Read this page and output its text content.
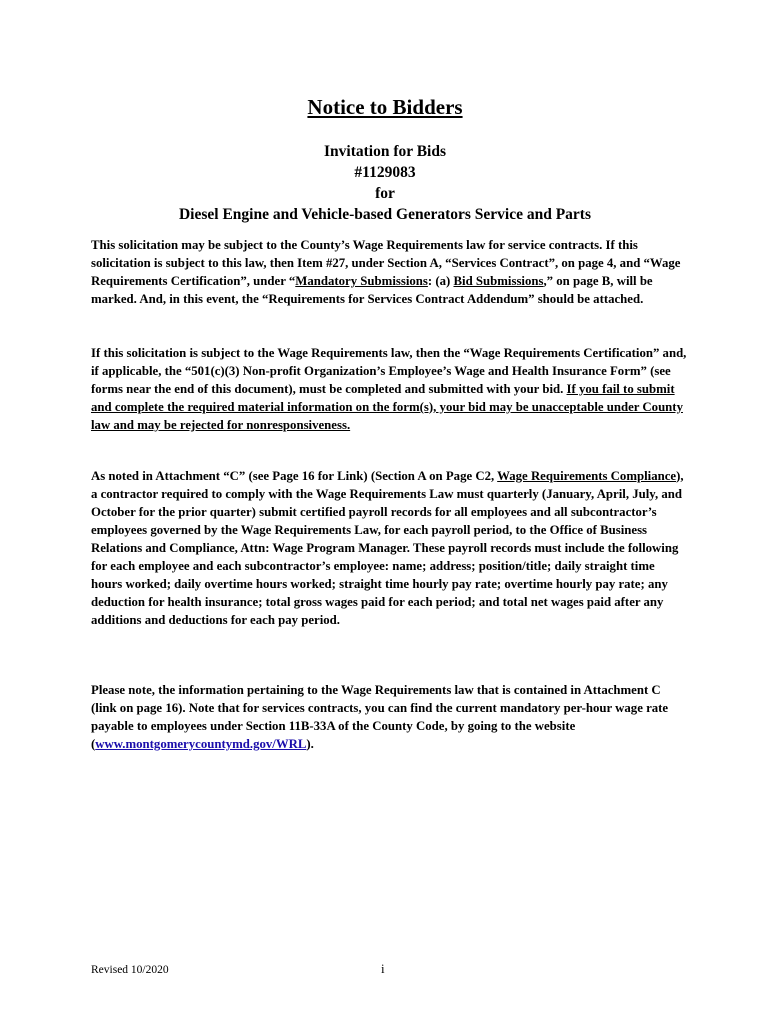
Notice to Bidders
Invitation for Bids
#1129083
for
Diesel Engine and Vehicle-based Generators Service and Parts

This solicitation may be subject to the County’s Wage Requirements law for service contracts. If this solicitation is subject to this law, then Item #27, under Section A, “Services Contract”, on page 4, and “Wage Requirements Certification”, under “Mandatory Submissions: (a) Bid Submissions,” on page B, will be marked. And, in this event, the “Requirements for Services Contract Addendum” should be attached.

If this solicitation is subject to the Wage Requirements law, then the “Wage Requirements Certification” and, if applicable, the “501(c)(3) Non-profit Organization’s Employee’s Wage and Health Insurance Form” (see forms near the end of this document), must be completed and submitted with your bid. If you fail to submit and complete the required material information on the form(s), your bid may be unacceptable under County law and may be rejected for nonresponsiveness.

As noted in Attachment “C” (see Page 16 for Link) (Section A on Page C2, Wage Requirements Compliance), a contractor required to comply with the Wage Requirements Law must quarterly (January, April, July, and October for the prior quarter) submit certified payroll records for all employees and all subcontractor’s employees governed by the Wage Requirements Law, for each payroll period, to the Office of Business Relations and Compliance, Attn: Wage Program Manager. These payroll records must include the following for each employee and each subcontractor’s employee: name; address; position/title; daily straight time hours worked; daily overtime hours worked; straight time hourly pay rate; overtime hourly pay rate; any deduction for health insurance; total gross wages paid for each period; and total net wages paid after any additions and deductions for each pay period.

Please note, the information pertaining to the Wage Requirements law that is contained in Attachment C (link on page 16). Note that for services contracts, you can find the current mandatory per-hour wage rate payable to employees under Section 11B-33A of the County Code, by going to the website (www.montgomerycountymd.gov/WRL).

Revised 10/2020	i
